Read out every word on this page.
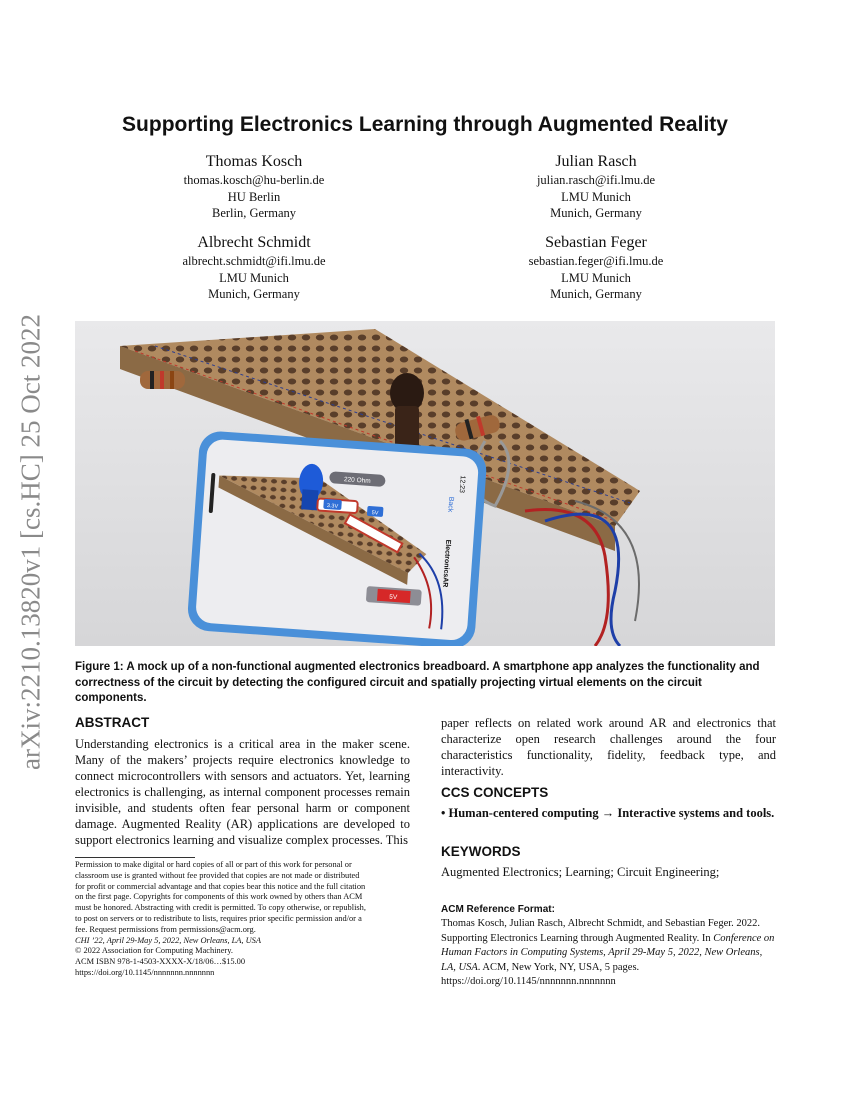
arXiv:2210.13820v1 [cs.HC] 25 Oct 2022
Supporting Electronics Learning through Augmented Reality
Thomas Kosch
thomas.kosch@hu-berlin.de
HU Berlin
Berlin, Germany
Julian Rasch
julian.rasch@ifi.lmu.de
LMU Munich
Munich, Germany
Albrecht Schmidt
albrecht.schmidt@ifi.lmu.de
LMU Munich
Munich, Germany
Sebastian Feger
sebastian.feger@ifi.lmu.de
LMU Munich
Munich, Germany
220 Ohm
3.3V
5V
5V
12:23
Back
ElectronicsAR
Figure 1: A mock up of a non-functional augmented electronics breadboard. A smartphone app analyzes the functionality and correctness of the circuit by detecting the configured circuit and spatially projecting virtual elements on the circuit components.
ABSTRACT
Understanding electronics is a critical area in the maker scene. Many of the makers’ projects require electronics knowledge to connect microcontrollers with sensors and actuators. Yet, learning electronics is challenging, as internal component processes remain invisible, and students often fear personal harm or component damage. Augmented Reality (AR) applications are developed to support electronics learning and visualize complex processes. This
paper reflects on related work around AR and electronics that characterize open research challenges around the four characteristics functionality, fidelity, feedback type, and interactivity.
CCS CONCEPTS
• Human-centered computing → Interactive systems and tools.
KEYWORDS
Augmented Electronics; Learning; Circuit Engineering;
Permission to make digital or hard copies of all or part of this work for personal or
classroom use is granted without fee provided that copies are not made or distributed
for profit or commercial advantage and that copies bear this notice and the full citation
on the first page. Copyrights for components of this work owned by others than ACM
must be honored. Abstracting with credit is permitted. To copy otherwise, or republish,
to post on servers or to redistribute to lists, requires prior specific permission and/or a
fee. Request permissions from permissions@acm.org.
CHI ’22, April 29-May 5, 2022, New Orleans, LA, USA
© 2022 Association for Computing Machinery.
ACM ISBN 978-1-4503-XXXX-X/18/06…$15.00
https://doi.org/10.1145/nnnnnnn.nnnnnnn
ACM Reference Format:
Thomas Kosch, Julian Rasch, Albrecht Schmidt, and Sebastian Feger. 2022. Supporting Electronics Learning through Augmented Reality. In Conference on Human Factors in Computing Systems, April 29-May 5, 2022, New Orleans, LA, USA. ACM, New York, NY, USA, 5 pages. https://doi.org/10.1145/nnnnnnn.nnnnnnn
